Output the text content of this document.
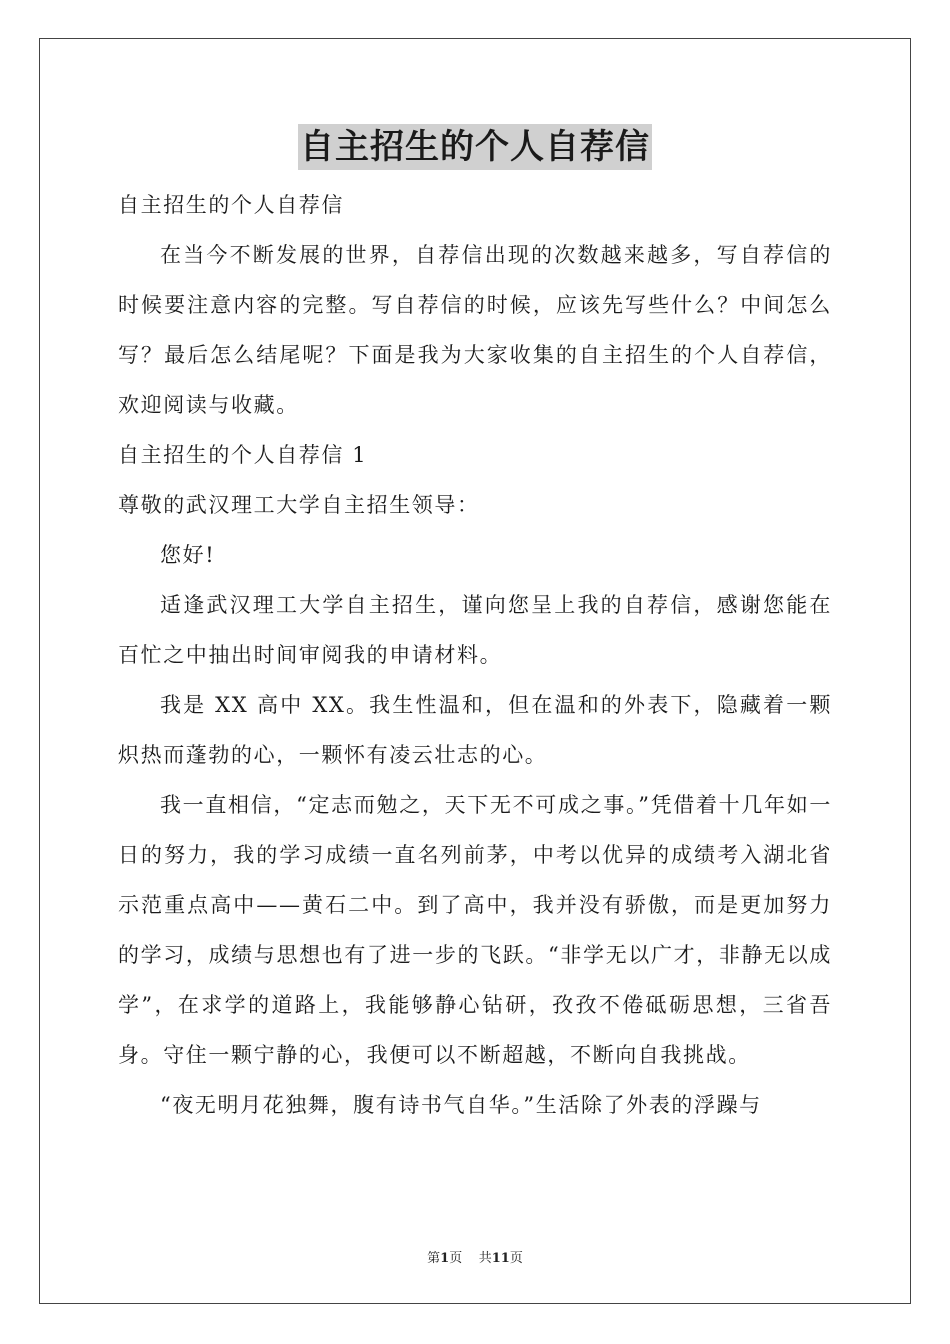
自主招生的个人自荐信

自主招生的个人自荐信

在当今不断发展的世界，自荐信出现的次数越来越多，写自荐信的时候要注意内容的完整。写自荐信的时候，应该先写些什么？中间怎么写？最后怎么结尾呢？下面是我为大家收集的自主招生的个人自荐信，欢迎阅读与收藏。

自主招生的个人自荐信 1

尊敬的武汉理工大学自主招生领导：

您好!

适逢武汉理工大学自主招生，谨向您呈上我的自荐信，感谢您能在百忙之中抽出时间审阅我的申请材料。

我是 XX 高中 XX。我生性温和，但在温和的外表下，隐藏着一颗炽热而蓬勃的心，一颗怀有凌云壮志的心。

我一直相信，“定志而勉之，天下无不可成之事。”凭借着十几年如一日的努力，我的学习成绩一直名列前茅，中考以优异的成绩考入湖北省示范重点高中——黄石二中。到了高中，我并没有骄傲，而是更加努力的学习，成绩与思想也有了进一步的飞跃。“非学无以广才，非静无以成学”，在求学的道路上，我能够静心钻研，孜孜不倦砥砺思想，三省吾身。守住一颗宁静的心，我便可以不断超越，不断向自我挑战。

“夜无明月花独舞，腹有诗书气自华。”生活除了外表的浮躁与

第1页    共11页
